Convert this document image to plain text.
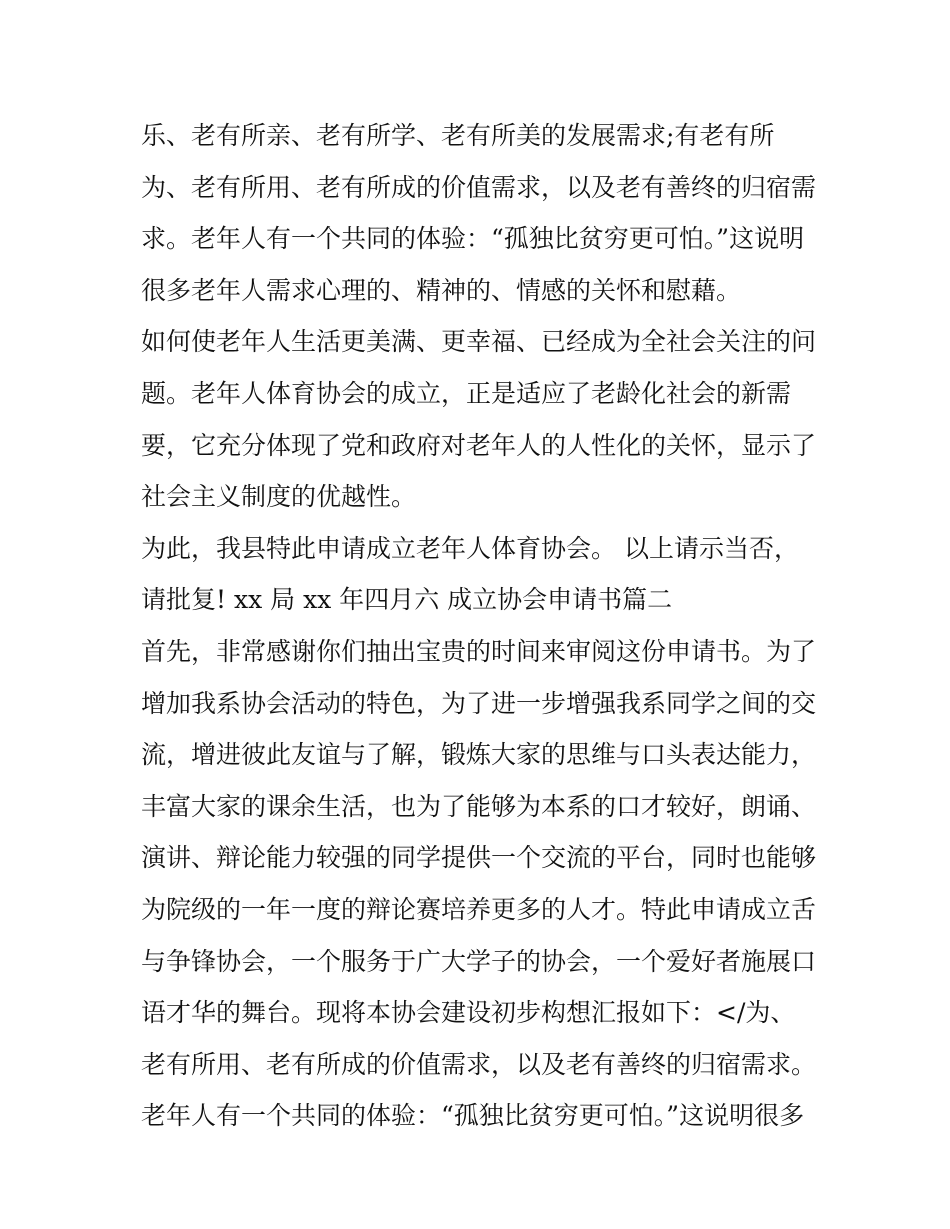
乐、老有所亲、老有所学、老有所美的发展需求;有老有所
为、老有所用、老有所成的价值需求，以及老有善终的归宿需
求。老年人有一个共同的体验：“孤独比贫穷更可怕。”这说明
很多老年人需求心理的、精神的、情感的关怀和慰藉。
如何使老年人生活更美满、更幸福、已经成为全社会关注的问
题。老年人体育协会的成立，正是适应了老龄化社会的新需
要，它充分体现了党和政府对老年人的人性化的关怀，显示了
社会主义制度的优越性。
为此，我县特此申请成立老年人体育协会。 以上请示当否，
请批复! xx 局 xx 年四月六 成立协会申请书篇二
首先，非常感谢你们抽出宝贵的时间来审阅这份申请书。为了
增加我系协会活动的特色，为了进一步增强我系同学之间的交
流，增进彼此友谊与了解，锻炼大家的思维与口头表达能力，
丰富大家的课余生活，也为了能够为本系的口才较好，朗诵、
演讲、辩论能力较强的同学提供一个交流的平台，同时也能够
为院级的一年一度的辩论赛培养更多的人才。特此申请成立舌
与争锋协会，一个服务于广大学子的协会，一个爱好者施展口
语才华的舞台。现将本协会建设初步构想汇报如下：</为、
老有所用、老有所成的价值需求，以及老有善终的归宿需求。
老年人有一个共同的体验：“孤独比贫穷更可怕。”这说明很多
